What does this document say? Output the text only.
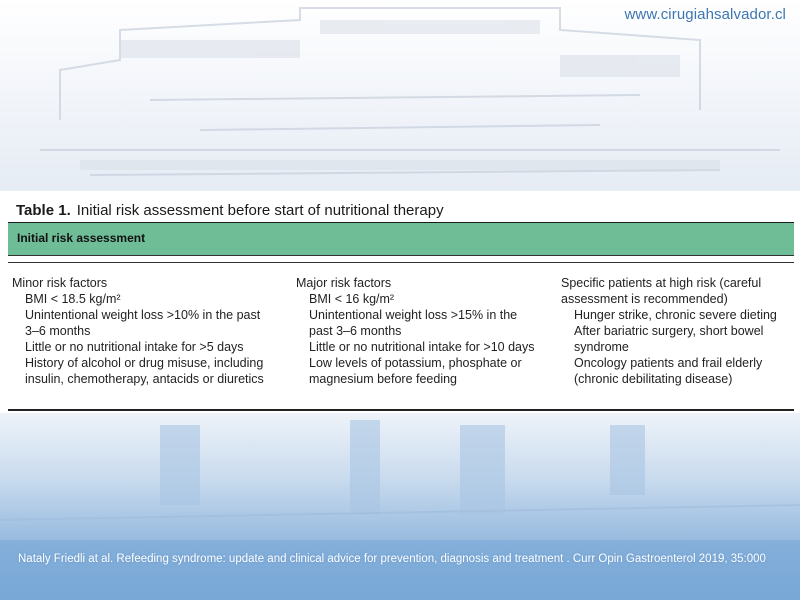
www.cirugiahsalvador.cl
Table 1. Initial risk assessment before start of nutritional therapy
Initial risk assessment
Minor risk factors
BMI < 18.5 kg/m²
Unintentional weight loss >10% in the past 3–6 months
Little or no nutritional intake for >5 days
History of alcohol or drug misuse, including insulin, chemotherapy, antacids or diuretics
Major risk factors
BMI < 16 kg/m²
Unintentional weight loss >15% in the past 3–6 months
Little or no nutritional intake for >10 days
Low levels of potassium, phosphate or magnesium before feeding
Specific patients at high risk (careful assessment is recommended)
Hunger strike, chronic severe dieting
After bariatric surgery, short bowel syndrome
Oncology patients and frail elderly (chronic debilitating disease)
Nataly Friedli at al. Refeeding syndrome: update and clinical advice for prevention, diagnosis and treatment . Curr Opin Gastroenterol 2019, 35:000
